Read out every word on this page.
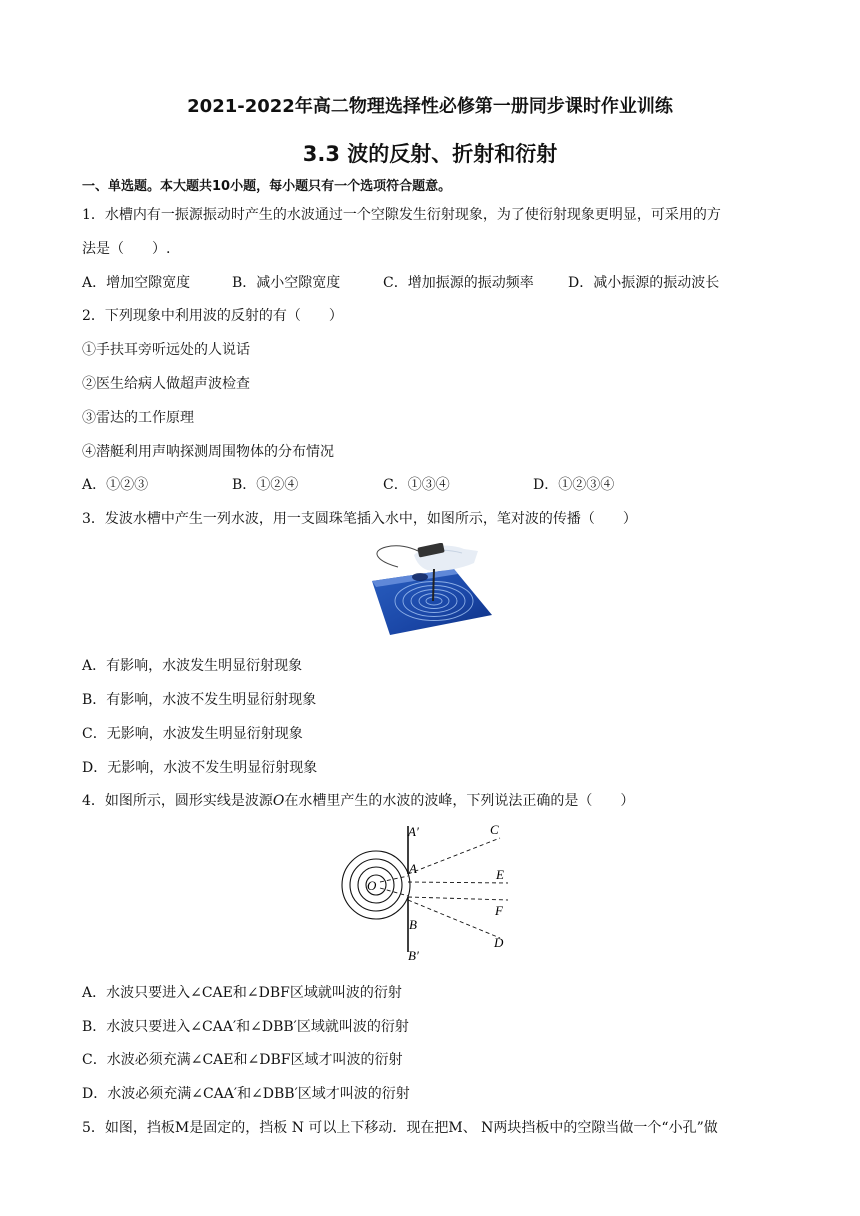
2021-2022年高二物理选择性必修第一册同步课时作业训练
3.3 波的反射、折射和衍射
一、单选题。本大题共10小题，每小题只有一个选项符合题意。
1．水槽内有一振源振动时产生的水波通过一个空隙发生衍射现象，为了使衍射现象更明显，可采用的方
法是（　　）.
A．增加空隙宽度	B．减小空隙宽度	C．增加振源的振动频率 D．减小振源的振动波长
2．下列现象中利用波的反射的有（　　）
①手扶耳旁听远处的人说话
②医生给病人做超声波检查
③雷达的工作原理
④潜艇利用声呐探测周围物体的分布情况
A．①②③	B．①②④	C．①③④	D．①②③④
3．发波水槽中产生一列水波，用一支圆珠笔插入水中，如图所示，笔对波的传播（　　）
A．有影响，水波发生明显衍射现象
B．有影响，水波不发生明显衍射现象
C．无影响，水波发生明显衍射现象
D．无影响，水波不发生明显衍射现象
4．如图所示，圆形实线是波源O在水槽里产生的水波的波峰，下列说法正确的是（　　）
A′	C
A	E
O
F
B
D
B′
A．水波只要进入∠CAE和∠DBF区域就叫波的衍射
B．水波只要进入∠CAA′和∠DBB′区域就叫波的衍射
C．水波必须充满∠CAE和∠DBF区域才叫波的衍射
D．水波必须充满∠CAA′和∠DBB′区域才叫波的衍射
5．如图，挡板M是固定的，挡板 N 可以上下移动．现在把M、 N两块挡板中的空隙当做一个“小孔”做
